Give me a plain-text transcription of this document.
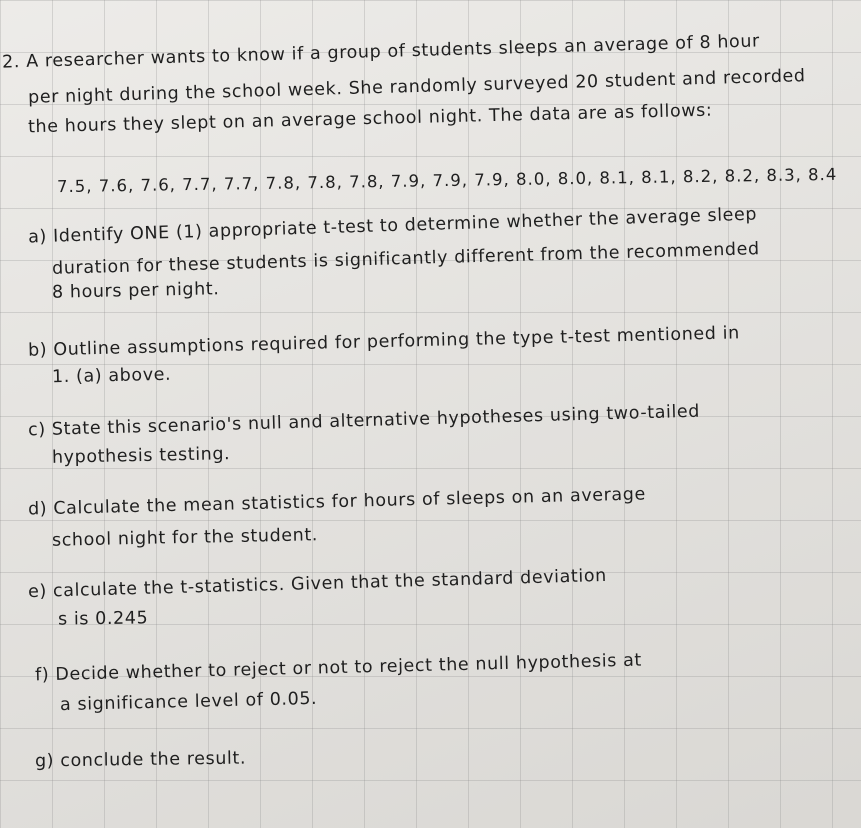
2. A researcher wants to know if a group of students sleeps an average of 8 hour
per night during the school week. She randomly surveyed 20 student and recorded
the hours they slept on an average school night. The data are as follows:
7.5, 7.6, 7.6, 7.7, 7.7, 7.8, 7.8, 7.8, 7.9, 7.9, 7.9, 8.0, 8.0, 8.1, 8.1, 8.2, 8.2, 8.3, 8.4
a) Identify ONE (1) appropriate t-test to determine whether the average sleep
duration for these students is significantly different from the recommended
8 hours per night.
b) Outline assumptions required for performing the type t-test mentioned in
1. (a) above.
c) State this scenario's null and alternative hypotheses using two-tailed
hypothesis testing.
d) Calculate the mean statistics for hours of sleeps on an average
school night for the student.
e) calculate the t-statistics. Given that the standard deviation
s is 0.245
f) Decide whether to reject or not to reject the null hypothesis at
a significance level of 0.05.
g) conclude the result.
